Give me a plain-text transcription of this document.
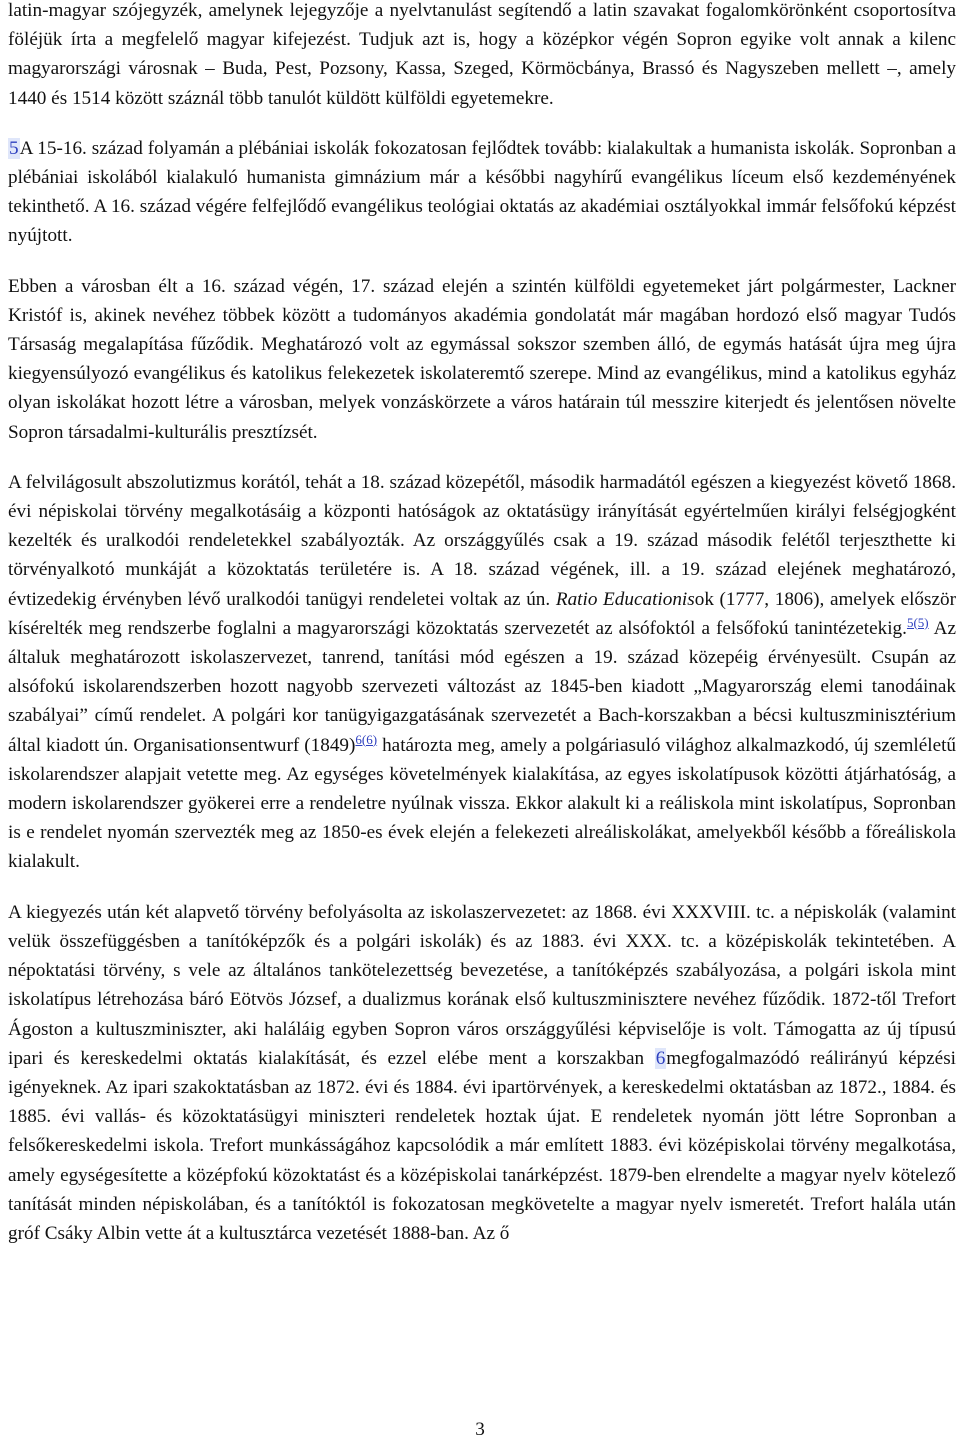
latin-magyar szójegyzék, amelynek lejegyzője a nyelvtanulást segítendő a latin szavakat fogalomkörönként csoportosítva föléjük írta a megfelelő magyar kifejezést. Tudjuk azt is, hogy a középkor végén Sopron egyike volt annak a kilenc magyarországi városnak – Buda, Pest, Pozsony, Kassa, Szeged, Körmöcbánya, Brassó és Nagyszeben mellett –, amely 1440 és 1514 között száznál több tanulót küldött külföldi egyetemekre.

5A 15-16. század folyamán a plébániai iskolák fokozatosan fejlődtek tovább: kialakultak a humanista iskolák. Sopronban a plébániai iskolából kialakuló humanista gimnázium már a későbbi nagyhírű evangélikus líceum első kezdeményének tekinthető. A 16. század végére felfejlődő evangélikus teológiai oktatás az akadémiai osztályokkal immár felsőfokú képzést nyújtott.

Ebben a városban élt a 16. század végén, 17. század elején a szintén külföldi egyetemeket járt polgármester, Lackner Kristóf is, akinek nevéhez többek között a tudományos akadémia gondolatát már magában hordozó első magyar Tudós Társaság megalapítása fűződik. Meghatározó volt az egymással sokszor szemben álló, de egymás hatását újra meg újra kiegyensúlyozó evangélikus és katolikus felekezetek iskolateremtő szerepe. Mind az evangélikus, mind a katolikus egyház olyan iskolákat hozott létre a városban, melyek vonzáskörzete a város határain túl messzire kiterjedt és jelentősen növelte Sopron társadalmi-kulturális presztízsét.

A felvilágosult abszolutizmus korától, tehát a 18. század közepétől, második harmadától egészen a kiegyezést követő 1868. évi népiskolai törvény megalkotásáig a központi hatóságok az oktatásügy irányítását egyértelműen királyi felségjogként kezelték és uralkodói rendeletekkel szabályozták. Az országgyűlés csak a 19. század második felétől terjeszthette ki törvényalkotó munkáját a közoktatás területére is. A 18. század végének, ill. a 19. század elejének meghatározó, évtizedekig érvényben lévő uralkodói tanügyi rendeletei voltak az ún. Ratio Educationisok (1777, 1806), amelyek először kísérelték meg rendszerbe foglalni a magyarországi közoktatás szervezetét az alsófoktól a felsőfokú tanintézetekig.$^{5(5)}$ Az általuk meghatározott iskolaszervezet, tanrend, tanítási mód egészen a 19. század közepéig érvényesült. Csupán az alsófokú iskolarendszerben hozott nagyobb szervezeti változást az 1845-ben kiadott „Magyarország elemi tanodáinak szabályai” című rendelet. A polgári kor tanügyigazgatásának szervezetét a Bach-korszakban a bécsi kultuszminisztérium által kiadott ún. Organisationsentwurf (1849)$^{6(6)}$ határozta meg, amely a polgáriasuló világhoz alkalmazkodó, új szemléletű iskolarendszer alapjait vetette meg. Az egységes követelmények kialakítása, az egyes iskolatípusok közötti átjárhatóság, a modern iskolarendszer gyökerei erre a rendeletre nyúlnak vissza. Ekkor alakult ki a reáliskola mint iskolatípus, Sopronban is e rendelet nyomán szervezték meg az 1850-es évek elején a felekezeti alreáliskolákat, amelyekből később a főreáliskola kialakult.

A kiegyezés után két alapvető törvény befolyásolta az iskolaszervezetet: az 1868. évi XXXVIII. tc. a népiskolák (valamint velük összefüggésben a tanítóképzők és a polgári iskolák) és az 1883. évi XXX. tc. a középiskolák tekintetében. A népoktatási törvény, s vele az általános tankötelezettség bevezetése, a tanítóképzés szabályozása, a polgári iskola mint iskolatípus létrehozása báró Eötvös József, a dualizmus korának első kultuszminisztere nevéhez fűződik. 1872-től Trefort Ágoston a kultuszminiszter, aki haláláig egyben Sopron város országgyűlési képviselője is volt. Támogatta az új típusú ipari és kereskedelmi oktatás kialakítását, és ezzel elébe ment a korszakban 6megfogalmazódó reálirányú képzési igényeknek. Az ipari szakoktatásban az 1872. évi és 1884. évi ipartörvények, a kereskedelmi oktatásban az 1872., 1884. és 1885. évi vallás- és közoktatásügyi miniszteri rendeletek hoztak újat. E rendeletek nyomán jött létre Sopronban a felsőkereskedelmi iskola. Trefort munkásságához kapcsolódik a már említett 1883. évi középiskolai törvény megalkotása, amely egységesítette a középfokú közoktatást és a középiskolai tanárképzést. 1879-ben elrendelte a magyar nyelv kötelező tanítását minden népiskolában, és a tanítóktól is fokozatosan megkövetelte a magyar nyelv ismeretét. Trefort halála után gróf Csáky Albin vette át a kultusztárca vezetését 1888-ban. Az ő

3
